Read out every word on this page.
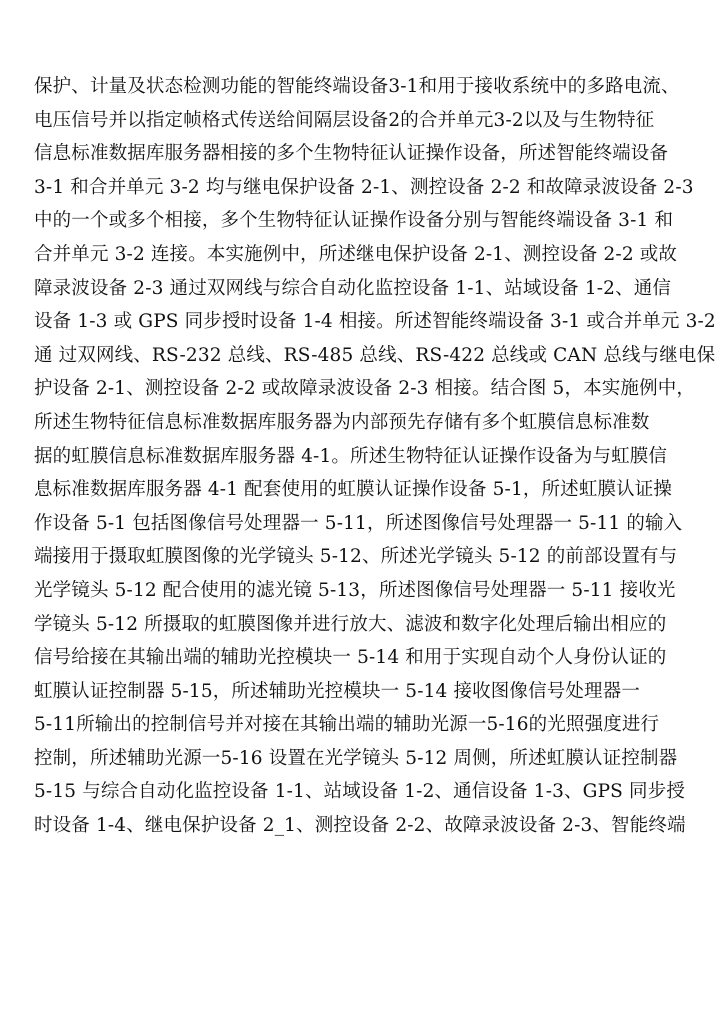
保护、计量及状态检测功能的智能终端设备3-1和用于接收系统中的多路电流、
电压信号并以指定帧格式传送给间隔层设备2的合并单元3-2以及与生物特征
信息标准数据库服务器相接的多个生物特征认证操作设备，所述智能终端设备
3-1 和合并单元 3-2 均与继电保护设备 2-1、测控设备 2-2 和故障录波设备 2-3
中的一个或多个相接，多个生物特征认证操作设备分别与智能终端设备 3-1 和
合并单元 3-2 连接。本实施例中，所述继电保护设备 2-1、测控设备 2-2 或故
障录波设备 2-3 通过双网线与综合自动化监控设备 1-1、站域设备 1-2、通信
设备 1-3 或 GPS 同步授时设备 1-4 相接。所述智能终端设备 3-1 或合并单元 3-2
通 过双网线、RS-232 总线、RS-485 总线、RS-422 总线或 CAN 总线与继电保
护设备 2-1、测控设备 2-2 或故障录波设备 2-3 相接。结合图 5，本实施例中，
所述生物特征信息标准数据库服务器为内部预先存储有多个虹膜信息标准数
据的虹膜信息标准数据库服务器 4-1。所述生物特征认证操作设备为与虹膜信
息标准数据库服务器 4-1 配套使用的虹膜认证操作设备 5-1，所述虹膜认证操
作设备 5-1 包括图像信号处理器一 5-11，所述图像信号处理器一 5-11 的输入
端接用于摄取虹膜图像的光学镜头 5-12、所述光学镜头 5-12 的前部设置有与
光学镜头 5-12 配合使用的滤光镜 5-13，所述图像信号处理器一 5-11 接收光
学镜头 5-12 所摄取的虹膜图像并进行放大、滤波和数字化处理后输出相应的
信号给接在其输出端的辅助光控模块一 5-14 和用于实现自动个人身份认证的
虹膜认证控制器 5-15，所述辅助光控模块一 5-14 接收图像信号处理器一
5-11所输出的控制信号并对接在其输出端的辅助光源一5-16的光照强度进行
控制，所述辅助光源一5-16 设置在光学镜头 5-12 周侧，所述虹膜认证控制器
5-15 与综合自动化监控设备 1-1、站域设备 1-2、通信设备 1-3、GPS 同步授
时设备 1-4、继电保护设备 2_1、测控设备 2-2、故障录波设备 2-3、智能终端
